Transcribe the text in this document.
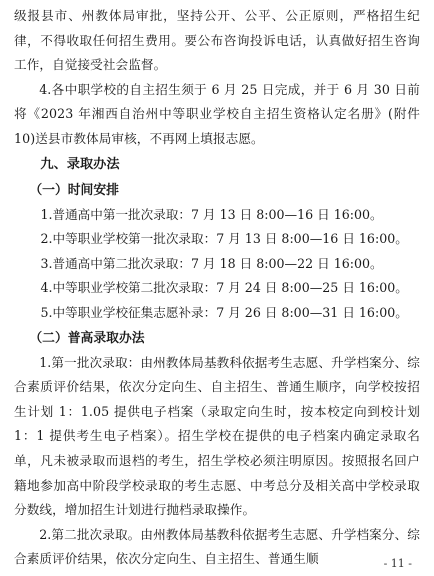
级报县市、州教体局审批，坚持公开、公平、公正原则，严格招生纪律，不得收取任何招生费用。要公布咨询投诉电话，认真做好招生咨询工作，自觉接受社会监督。

4.各中职学校的自主招生须于 6 月 25 日完成，并于 6 月 30 日前将《2023 年湘西自治州中等职业学校自主招生资格认定名册》(附件 10)送县市教体局审核，不再网上填报志愿。

九、录取办法

（一）时间安排

1.普通高中第一批次录取：7 月 13 日 8:00—16 日 16:00。

2.中等职业学校第一批次录取：7 月 13 日 8:00—16 日 16:00。

3.普通高中第二批次录取：7 月 18 日 8:00—22 日 16:00。

4.中等职业学校第二批次录取：7 月 24 日 8:00—25 日 16:00。

5.中等职业学校征集志愿补录：7 月 26 日 8:00—31 日 16:00。

（二）普高录取办法

1.第一批次录取：由州教体局基教科依据考生志愿、升学档案分、综合素质评价结果，依次分定向生、自主招生、普通生顺序，向学校按招生计划 1：1.05 提供电子档案（录取定向生时，按本校定向到校计划 1：1 提供考生电子档案）。招生学校在提供的电子档案内确定录取名单，凡未被录取而退档的考生，招生学校必须注明原因。按照报名回户籍地参加高中阶段学校录取的考生志愿、中考总分及相关高中学校录取分数线，增加招生计划进行抛档录取操作。

2.第二批次录取。由州教体局基教科依据考生志愿、升学档案分、综合素质评价结果，依次分定向生、自主招生、普通生顺	- 11 -
